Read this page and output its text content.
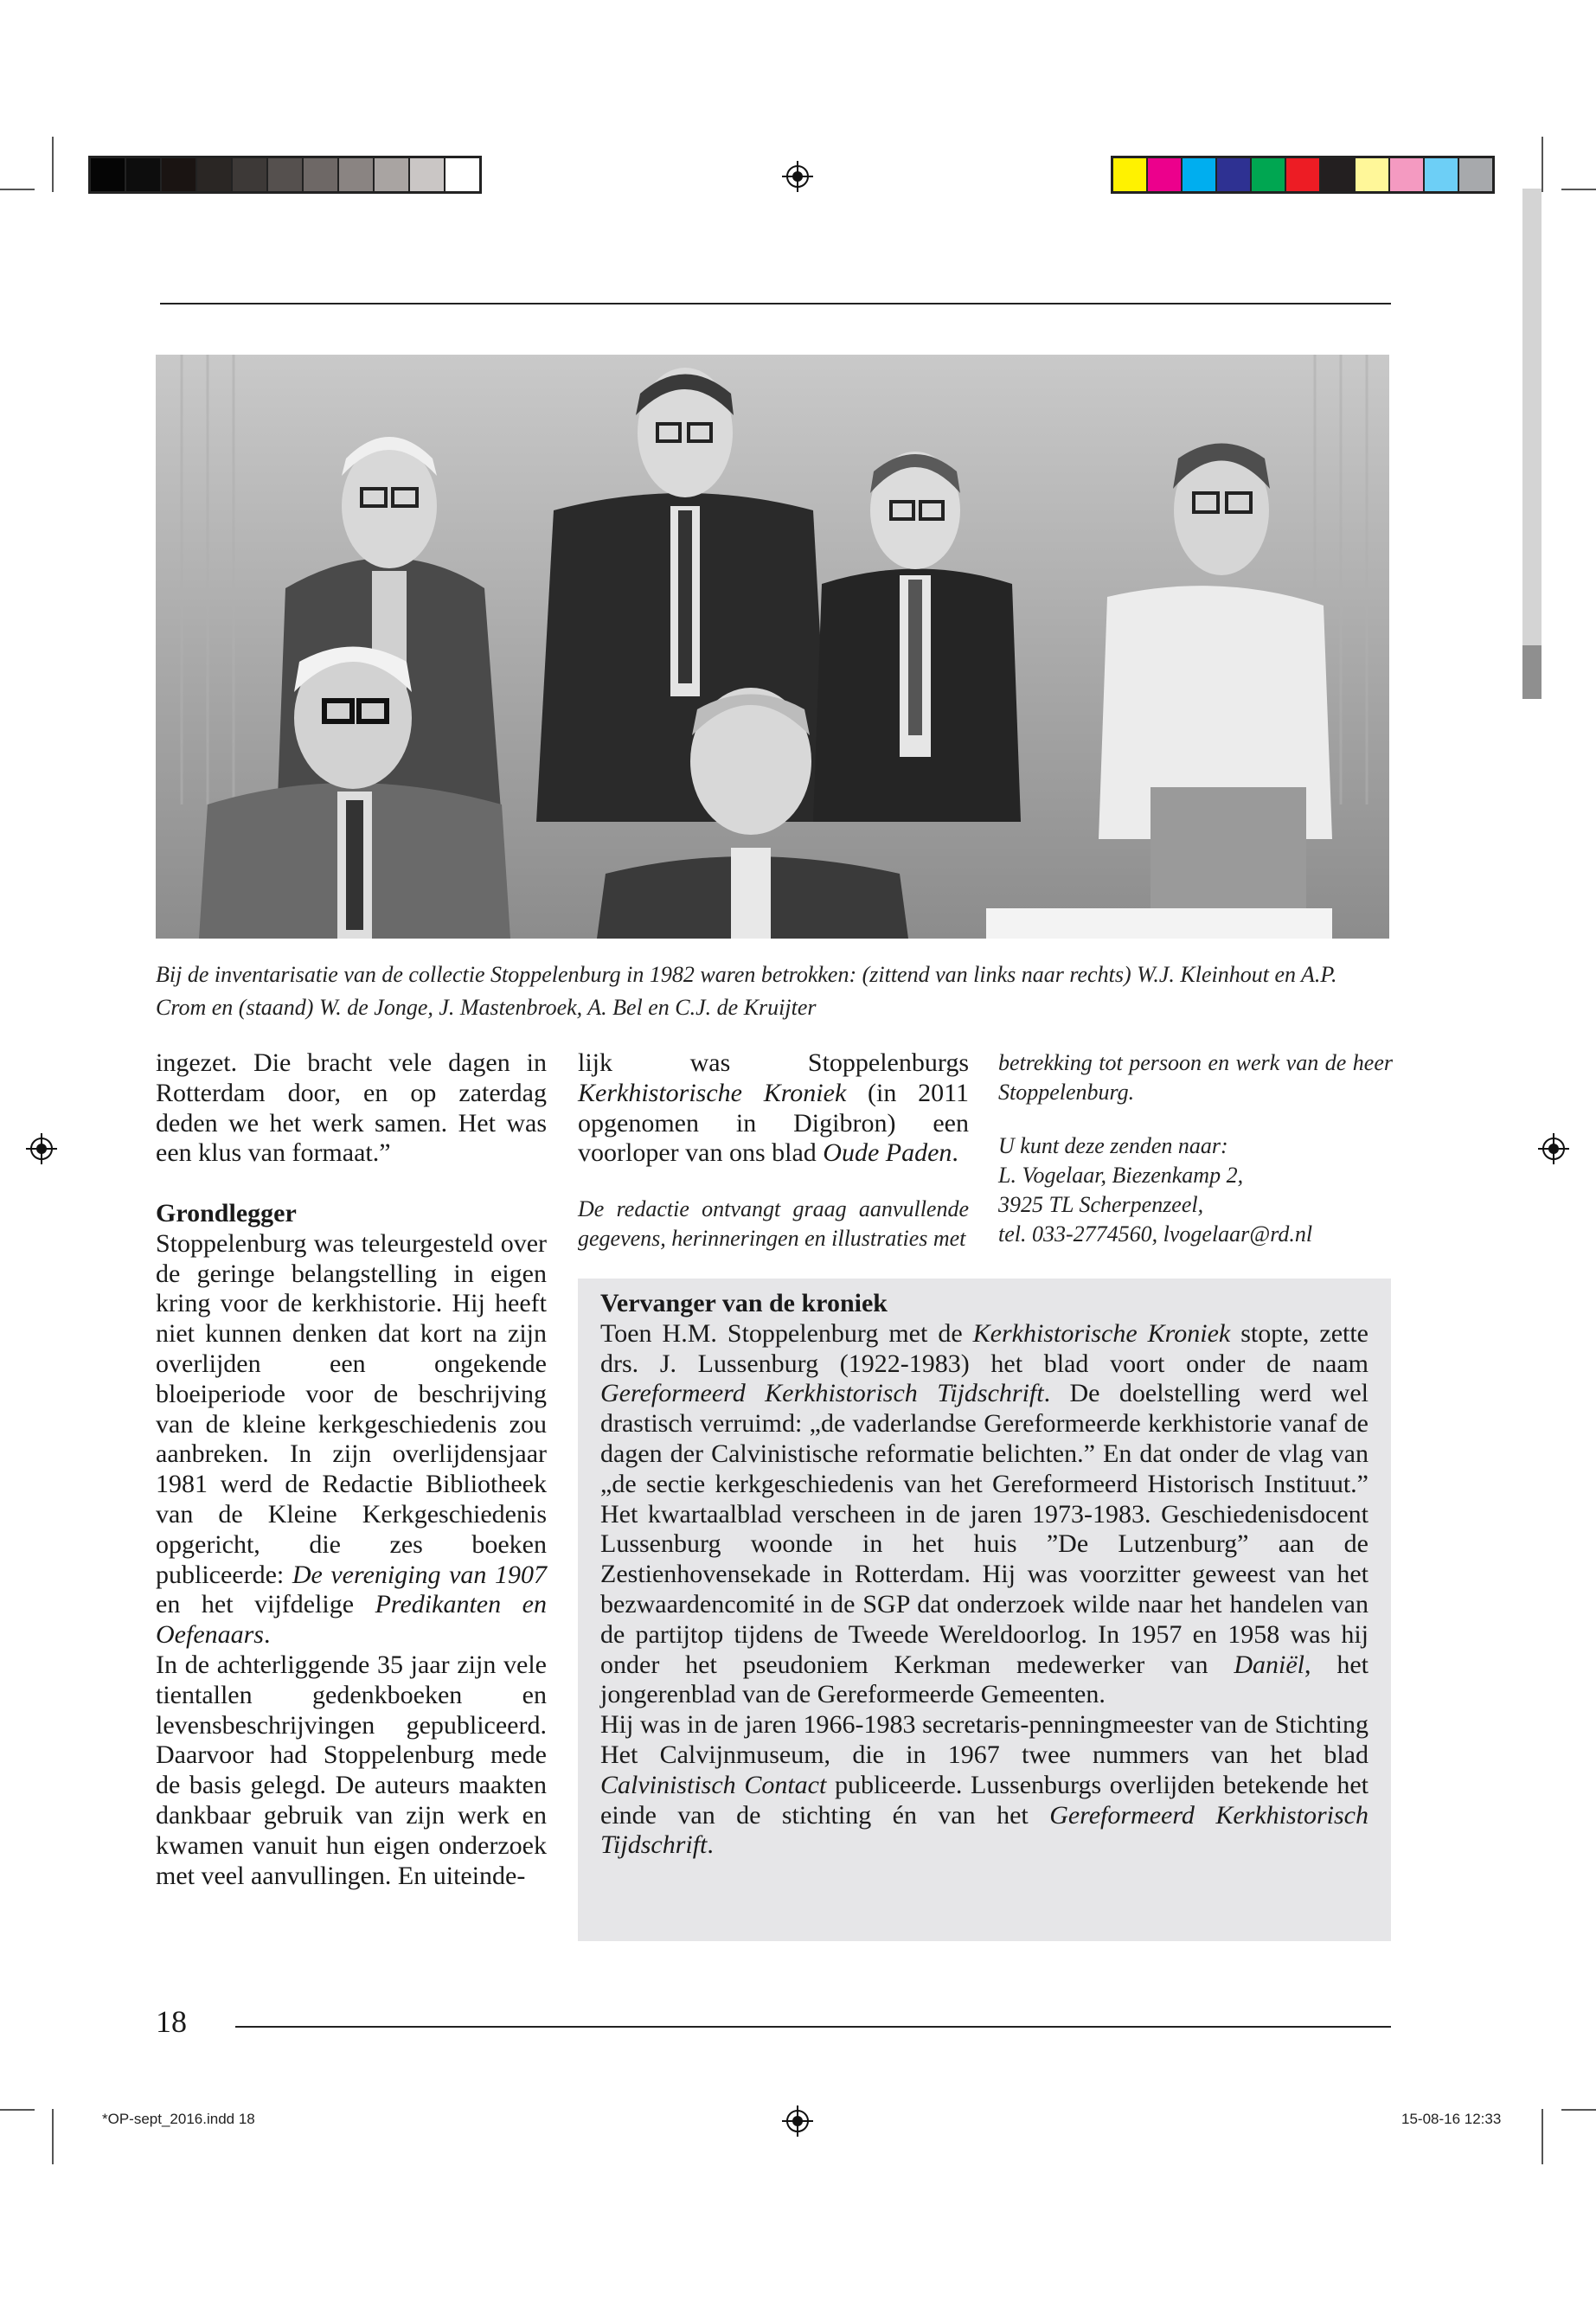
Bij de inventarisatie van de collectie Stoppelenburg in 1982 waren betrokken: (zittend van links naar rechts) W.J. Kleinhout en A.P. Crom en (staand) W. de Jonge, J. Mastenbroek, A. Bel en C.J. de Kruijter

ingezet. Die bracht vele dagen in Rotterdam door, en op zaterdag deden we het werk samen. Het was een klus van formaat.”

Grondlegger

Stoppelenburg was teleurgesteld over de geringe belangstelling in eigen kring voor de kerkhistorie. Hij heeft niet kunnen denken dat kort na zijn overlijden een ongekende bloeiperiode voor de beschrijving van de kleine kerkgeschiedenis zou aanbreken. In zijn overlijdensjaar 1981 werd de Redactie Bibliotheek van de Kleine Kerkgeschiedenis opgericht, die zes boeken publiceerde: De vereniging van 1907 en het vijfdelige Predikanten en Oefenaars.

In de achterliggende 35 jaar zijn vele tientallen gedenkboeken en levensbeschrijvingen gepubliceerd. Daarvoor had Stoppelenburg mede de basis gelegd. De auteurs maakten dankbaar gebruik van zijn werk en kwamen vanuit hun eigen onderzoek met veel aanvullingen. En uiteinde-

lijk was Stoppelenburgs Kerkhistorische Kroniek (in 2011 opgenomen in Digibron) een voorloper van ons blad Oude Paden.

De redactie ontvangt graag aanvullende gegevens, herinneringen en illustraties met

betrekking tot persoon en werk van de heer Stoppelenburg.

U kunt deze zenden naar:

L. Vogelaar, Biezenkamp 2,

3925 TL Scherpenzeel,

tel. 033-2774560, lvogelaar@rd.nl

Vervanger van de kroniek

Toen H.M. Stoppelenburg met de Kerkhistorische Kroniek stopte, zette drs. J. Lussenburg (1922-1983) het blad voort onder de naam Gereformeerd Kerkhistorisch Tijdschrift. De doelstelling werd wel drastisch verruimd: „de vaderlandse Gereformeerde kerkhistorie vanaf de dagen der Calvinistische reformatie belichten.” En dat onder de vlag van „de sectie kerkgeschiedenis van het Gereformeerd Historisch Instituut.” Het kwartaalblad verscheen in de jaren 1973-1983. Geschiedenisdocent Lussenburg woonde in het huis ”De Lutzenburg” aan de Zestienhovensekade in Rotterdam. Hij was voorzitter geweest van het bezwaardencomité in de SGP dat onderzoek wilde naar het handelen van de partijtop tijdens de Tweede Wereldoorlog. In 1957 en 1958 was hij onder het pseudoniem Kerkman medewerker van Daniël, het jongerenblad van de Gereformeerde Gemeenten.

Hij was in de jaren 1966-1983 secretaris-penningmeester van de Stichting Het Calvijnmuseum, die in 1967 twee nummers van het blad Calvinistisch Contact publiceerde. Lussenburgs overlijden betekende het einde van de stichting én van het Gereformeerd Kerkhistorisch Tijdschrift.

18
*OP-sept_2016.indd 18	15-08-16 12:33
